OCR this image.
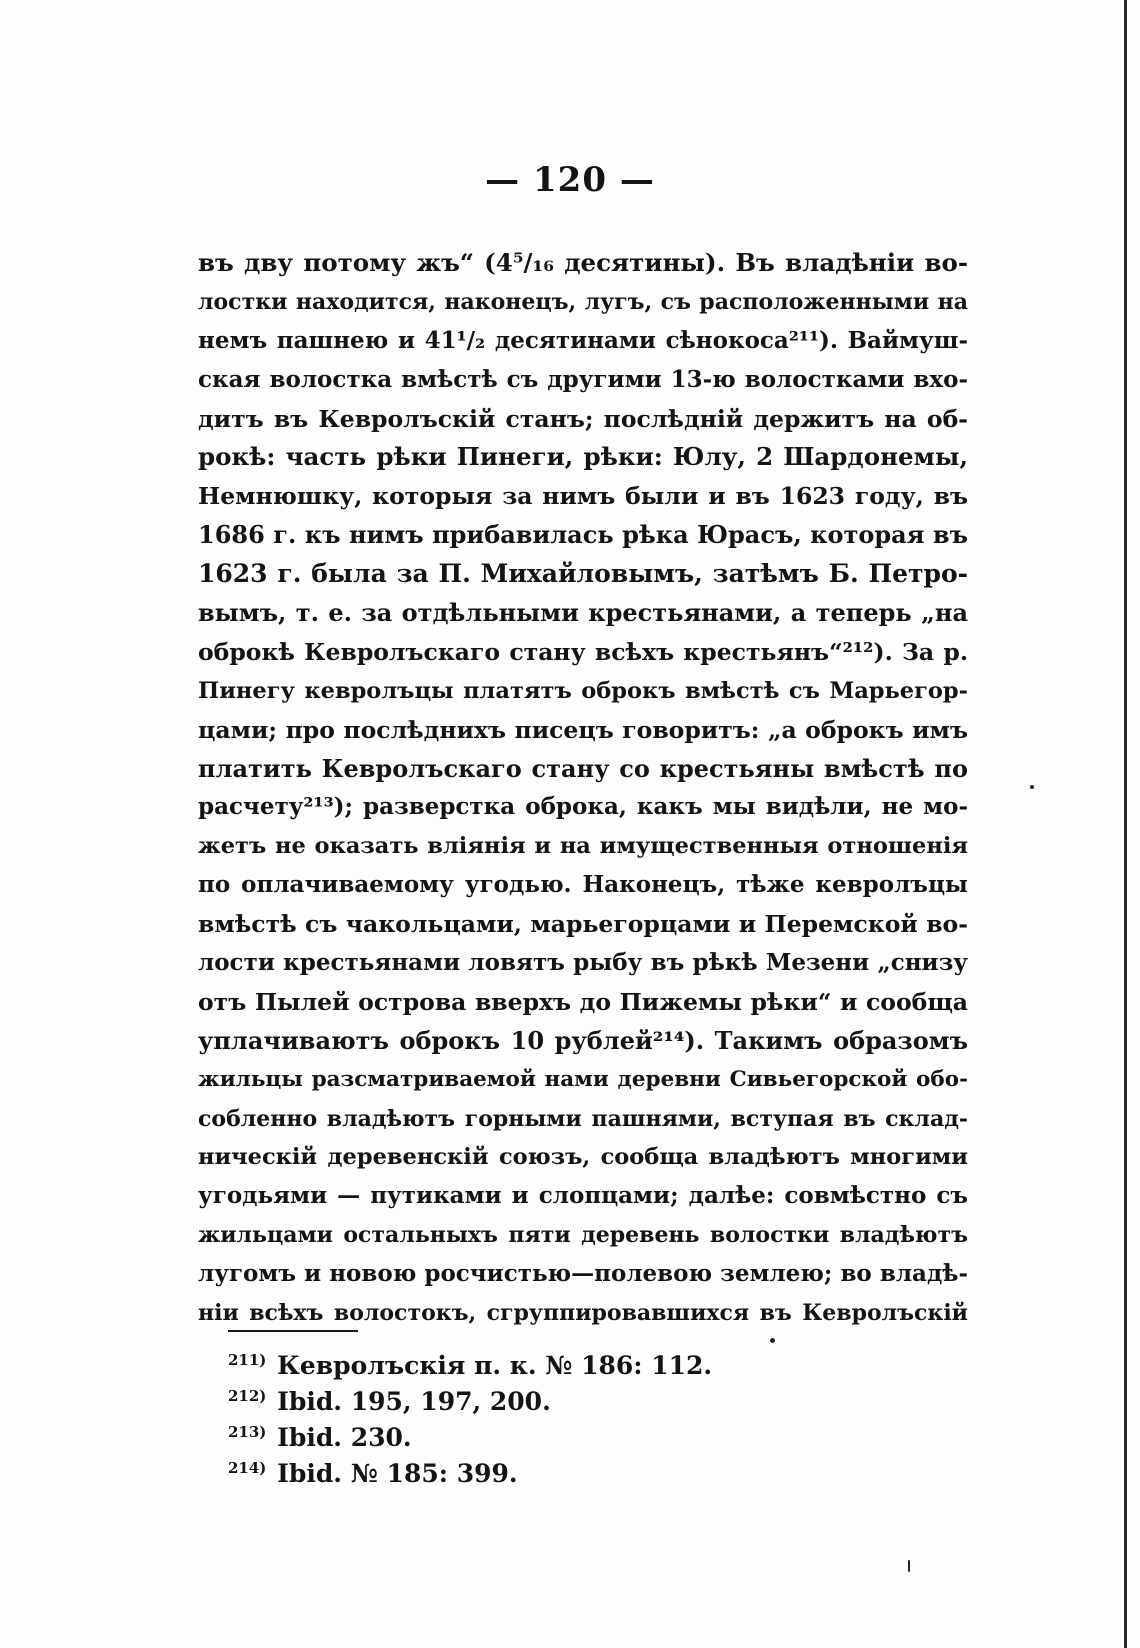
— 120 —
въ дву потому жъ“ (4⁵/₁₆ десятины). Въ владѣніи во-
лостки находится, наконецъ, лугъ, съ расположенными на
немъ пашнею и 41¹/₂ десятинами сѣнокоса²¹¹). Ваймуш-
ская волостка вмѣстѣ съ другими 13-ю волостками вхо-
дитъ въ Кевролъскій станъ; послѣдній держитъ на об-
рокѣ: часть рѣки Пинеги, рѣки: Юлу, 2 Шардонемы,
Немнюшку, которыя за нимъ были и въ 1623 году, въ
1686 г. къ нимъ прибавилась рѣка Юрасъ, которая въ
1623 г. была за П. Михайловымъ, затѣмъ Б. Петро-
вымъ, т. е. за отдѣльными крестьянами, а теперь „на
оброкѣ Кевролъскаго стану всѣхъ крестьянъ“²¹²). За р.
Пинегу кевролъцы платятъ оброкъ вмѣстѣ съ Марьегор-
цами; про послѣднихъ писецъ говоритъ: „а оброкъ имъ
платить Кевролъскаго стану со крестьяны вмѣстѣ по
расчету²¹³); разверстка оброка, какъ мы видѣли, не мо-
жетъ не оказать вліянія и на имущественныя отношенія
по оплачиваемому угодью. Наконецъ, тѣже кевролъцы
вмѣстѣ съ чакольцами, марьегорцами и Перемской во-
лости крестьянами ловятъ рыбу въ рѣкѣ Мезени „снизу
отъ Пылей острова вверхъ до Пижемы рѣки“ и сообща
уплачиваютъ оброкъ 10 рублей²¹⁴). Такимъ образомъ
жильцы разсматриваемой нами деревни Сивьегорской обо-
собленно владѣютъ горными пашнями, вступая въ склад-
ническій деревенскій союзъ, сообща владѣютъ многими
угодьями — путиками и слопцами; далѣе: совмѣстно съ
жильцами остальныхъ пяти деревень волостки владѣютъ
лугомъ и новою росчистью—полевою землею; во владѣ-
ніи всѣхъ волостокъ, сгруппировавшихся въ Кевролъскій
$^{211)}$ Кевролъскія п. к. № 186: 112.
$^{212)}$ Ibid. 195, 197, 200.
$^{213)}$ Ibid. 230.
$^{214)}$ Ibid. № 185: 399.
